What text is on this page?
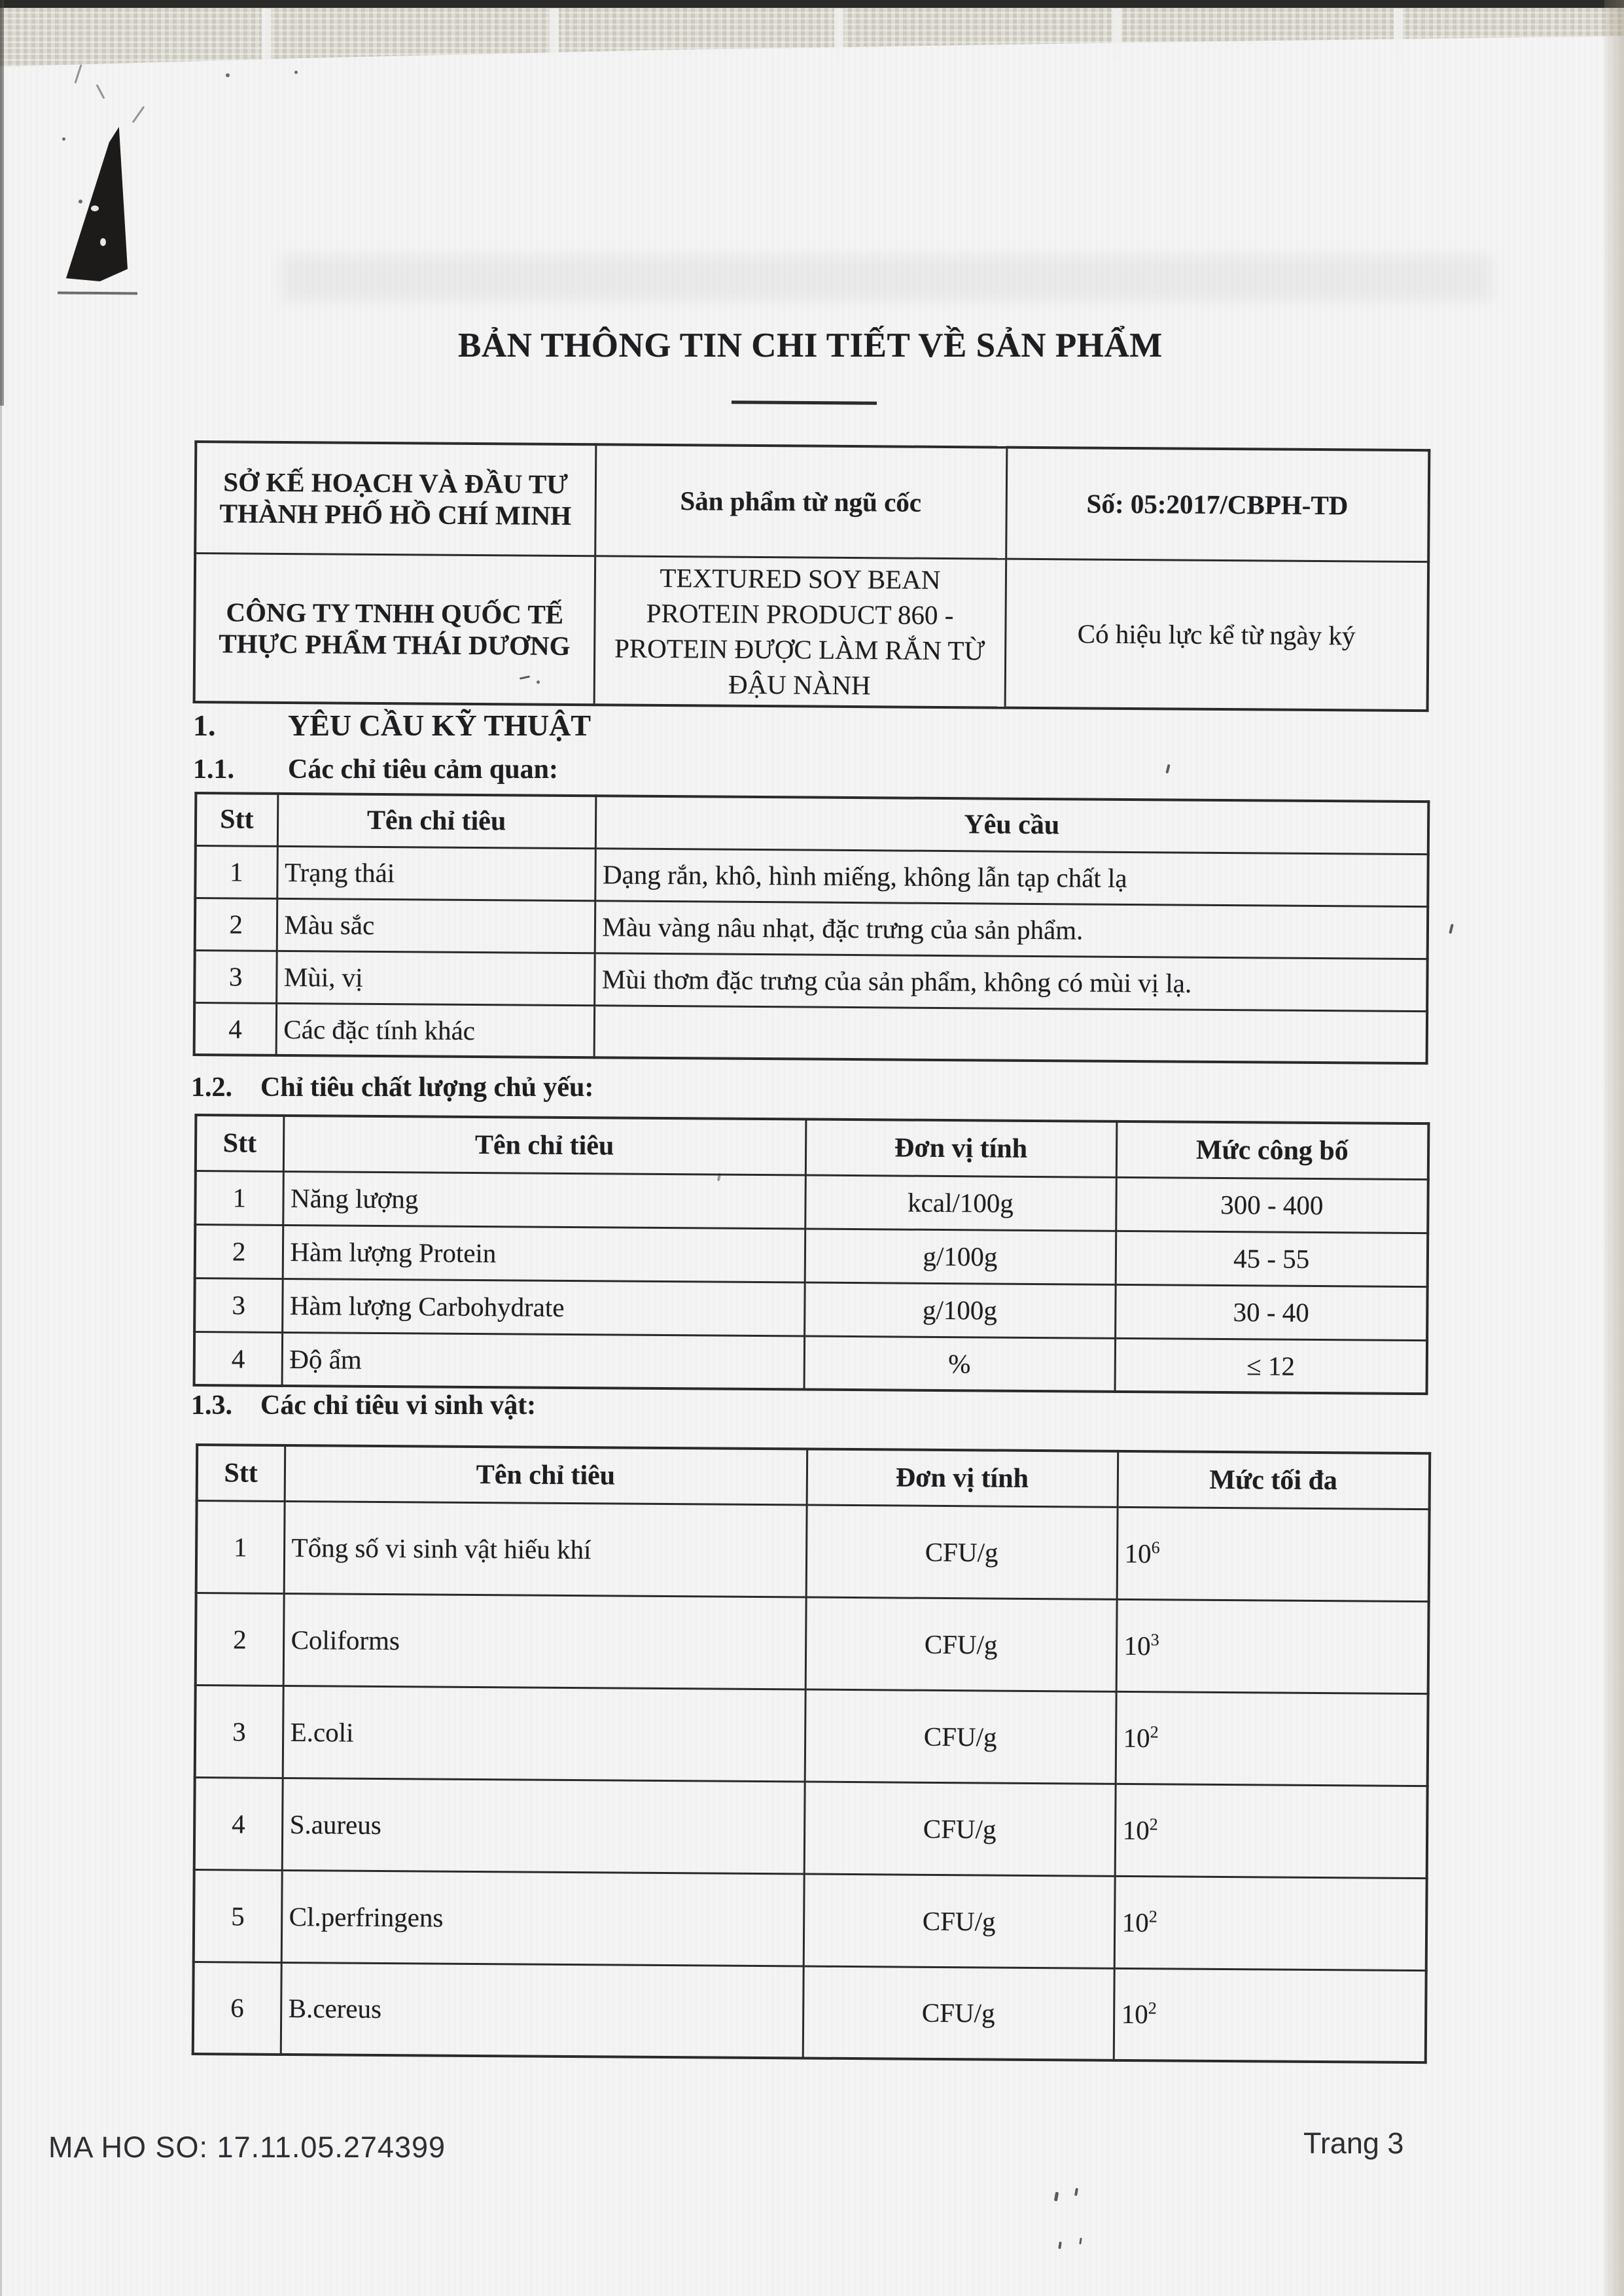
BẢN THÔNG TIN CHI TIẾT VỀ SẢN PHẨM
SỞ KẾ HOẠCH VÀ ĐẦU TƯ THÀNH PHỐ HỒ CHÍ MINH	Sản phẩm từ ngũ cốc	Số: 05:2017/CBPH-TD
CÔNG TY TNHH QUỐC TẾ THỰC PHẨM THÁI DƯƠNG	TEXTURED SOY BEAN PROTEIN PRODUCT 860 - PROTEIN ĐƯỢC LÀM RẮN TỪ ĐẬU NÀNH	Có hiệu lực kể từ ngày ký
1. YÊU CẦU KỸ THUẬT
1.1. Các chỉ tiêu cảm quan:
Stt	Tên chỉ tiêu	Yêu cầu
1	Trạng thái	Dạng rắn, khô, hình miếng, không lẫn tạp chất lạ
2	Màu sắc	Màu vàng nâu nhạt, đặc trưng của sản phẩm.
3	Mùi, vị	Mùi thơm đặc trưng của sản phẩm, không có mùi vị lạ.
4	Các đặc tính khác	
1.2. Chỉ tiêu chất lượng chủ yếu:
Stt	Tên chỉ tiêu	Đơn vị tính	Mức công bố
1	Năng lượng	kcal/100g	300 - 400
2	Hàm lượng Protein	g/100g	45 - 55
3	Hàm lượng Carbohydrate	g/100g	30 - 40
4	Độ ẩm	%	≤ 12
1.3. Các chỉ tiêu vi sinh vật:
Stt	Tên chỉ tiêu	Đơn vị tính	Mức tối đa
1	Tổng số vi sinh vật hiếu khí	CFU/g	$10^6$
2	Coliforms	CFU/g	$10^3$
3	E.coli	CFU/g	$10^2$
4	S.aureus	CFU/g	$10^2$
5	Cl.perfringens	CFU/g	$10^2$
6	B.cereus	CFU/g	$10^2$
MA HO SO: 17.11.05.274399	Trang 3
